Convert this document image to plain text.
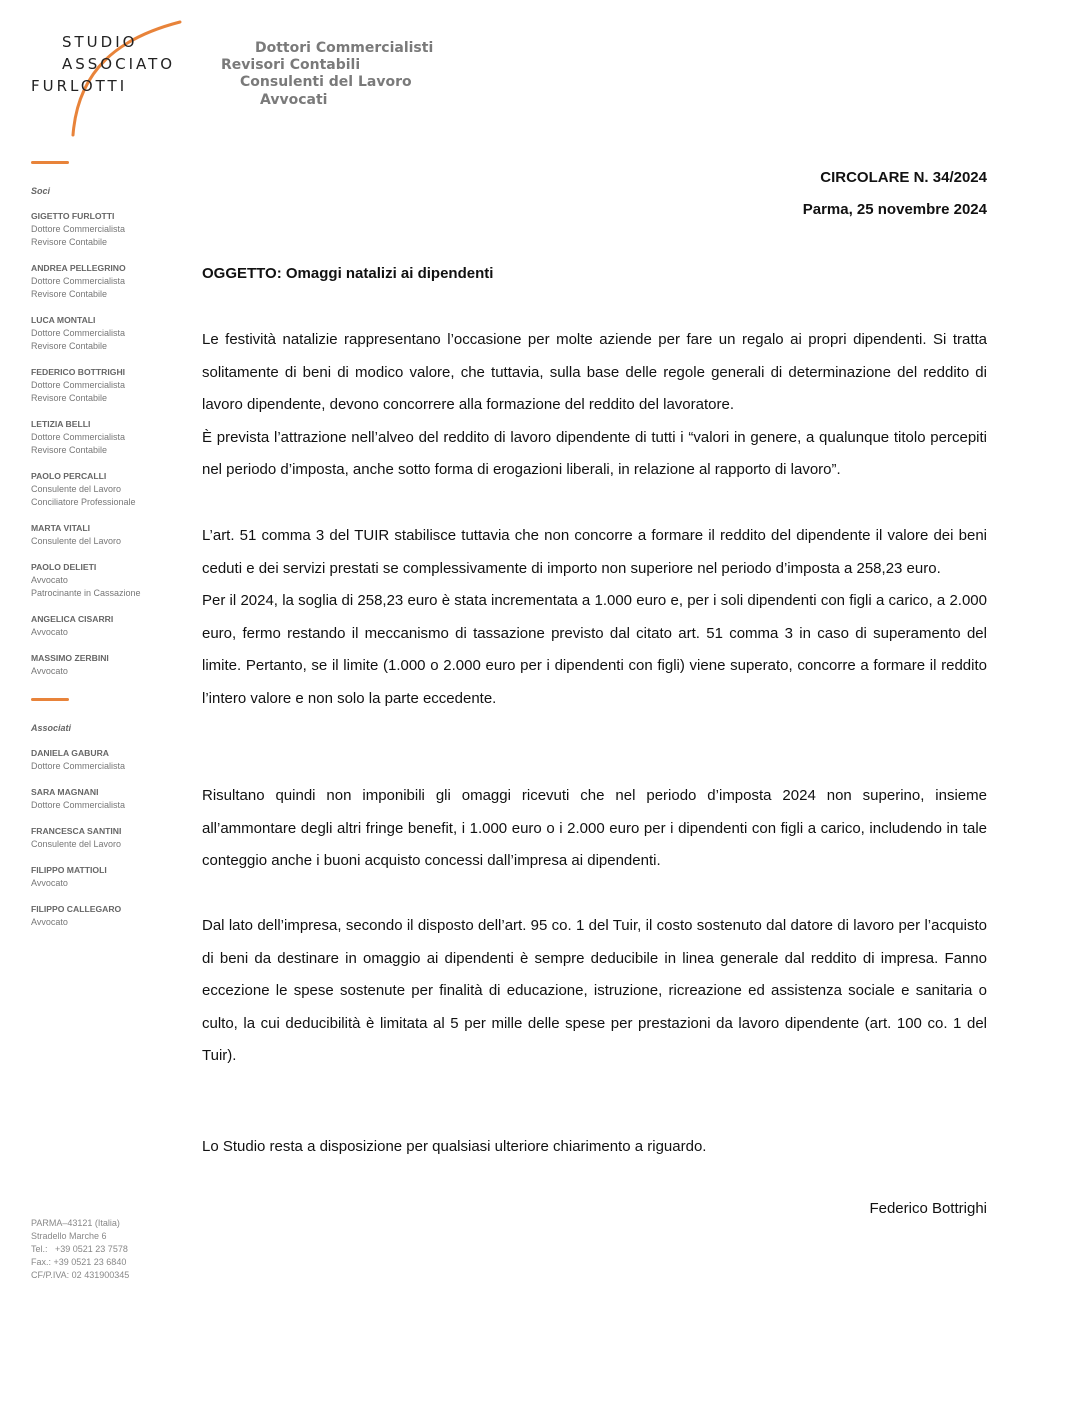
STUDIO
ASSOCIATO
FURLOTTI
Dottori Commercialisti
Revisori Contabili
Consulenti del Lavoro
Avvocati
Soci
GIGETTO FURLOTTI
Dottore Commercialista
Revisore Contabile
ANDREA PELLEGRINO
Dottore Commercialista
Revisore Contabile
LUCA MONTALI
Dottore Commercialista
Revisore Contabile
FEDERICO BOTTRIGHI
Dottore Commercialista
Revisore Contabile
LETIZIA BELLI
Dottore Commercialista
Revisore Contabile
PAOLO PERCALLI
Consulente del Lavoro
Conciliatore Professionale
MARTA VITALI
Consulente del Lavoro
PAOLO DELIETI
Avvocato
Patrocinante in Cassazione
ANGELICA CISARRI
Avvocato
MASSIMO ZERBINI
Avvocato
Associati
DANIELA GABURA
Dottore Commercialista
SARA MAGNANI
Dottore Commercialista
FRANCESCA SANTINI
Consulente del Lavoro
FILIPPO MATTIOLI
Avvocato
FILIPPO CALLEGARO
Avvocato
PARMA–43121 (Italia)
Stradello Marche 6
Tel.:   +39 0521 23 7578
Fax.: +39 0521 23 6840
CF/P.IVA: 02 431900345
CIRCOLARE N. 34/2024
Parma, 25 novembre 2024
OGGETTO: Omaggi natalizi ai dipendenti

Le festività natalizie rappresentano l’occasione per molte aziende per fare un regalo ai propri dipendenti. Si tratta solitamente di beni di modico valore, che tuttavia, sulla base delle regole generali di determinazione del reddito di lavoro dipendente, devono concorrere alla formazione del reddito del lavoratore.

È prevista l’attrazione nell’alveo del reddito di lavoro dipendente di tutti i “valori in genere, a qualunque titolo percepiti nel periodo d’imposta, anche sotto forma di erogazioni liberali, in relazione al rapporto di lavoro”.

L’art. 51 comma 3 del TUIR stabilisce tuttavia che non concorre a formare il reddito del dipendente il valore dei beni ceduti e dei servizi prestati se complessivamente di importo non superiore nel periodo d’imposta a 258,23 euro.

Per il 2024, la soglia di 258,23 euro è stata incrementata a 1.000 euro e, per i soli dipendenti con figli a carico, a 2.000 euro, fermo restando il meccanismo di tassazione previsto dal citato art. 51 comma 3 in caso di superamento del limite. Pertanto, se il limite (1.000 o 2.000 euro per i dipendenti con figli) viene superato, concorre a formare il reddito l’intero valore e non solo la parte eccedente.

Risultano quindi non imponibili gli omaggi ricevuti che nel periodo d’imposta 2024 non superino, insieme all’ammontare degli altri fringe benefit, i 1.000 euro o i 2.000 euro per i dipendenti con figli a carico, includendo in tale conteggio anche i buoni acquisto concessi dall’impresa ai dipendenti.

Dal lato dell’impresa, secondo il disposto dell’art. 95 co. 1 del Tuir, il costo sostenuto dal datore di lavoro per l’acquisto di beni da destinare in omaggio ai dipendenti è sempre deducibile in linea generale dal reddito di impresa. Fanno eccezione le spese sostenute per finalità di educazione, istruzione, ricreazione ed assistenza sociale e sanitaria o culto, la cui deducibilità è limitata al 5 per mille delle spese per prestazioni da lavoro dipendente (art. 100 co. 1 del Tuir).

Lo Studio resta a disposizione per qualsiasi ulteriore chiarimento a riguardo.
Federico Bottrighi
